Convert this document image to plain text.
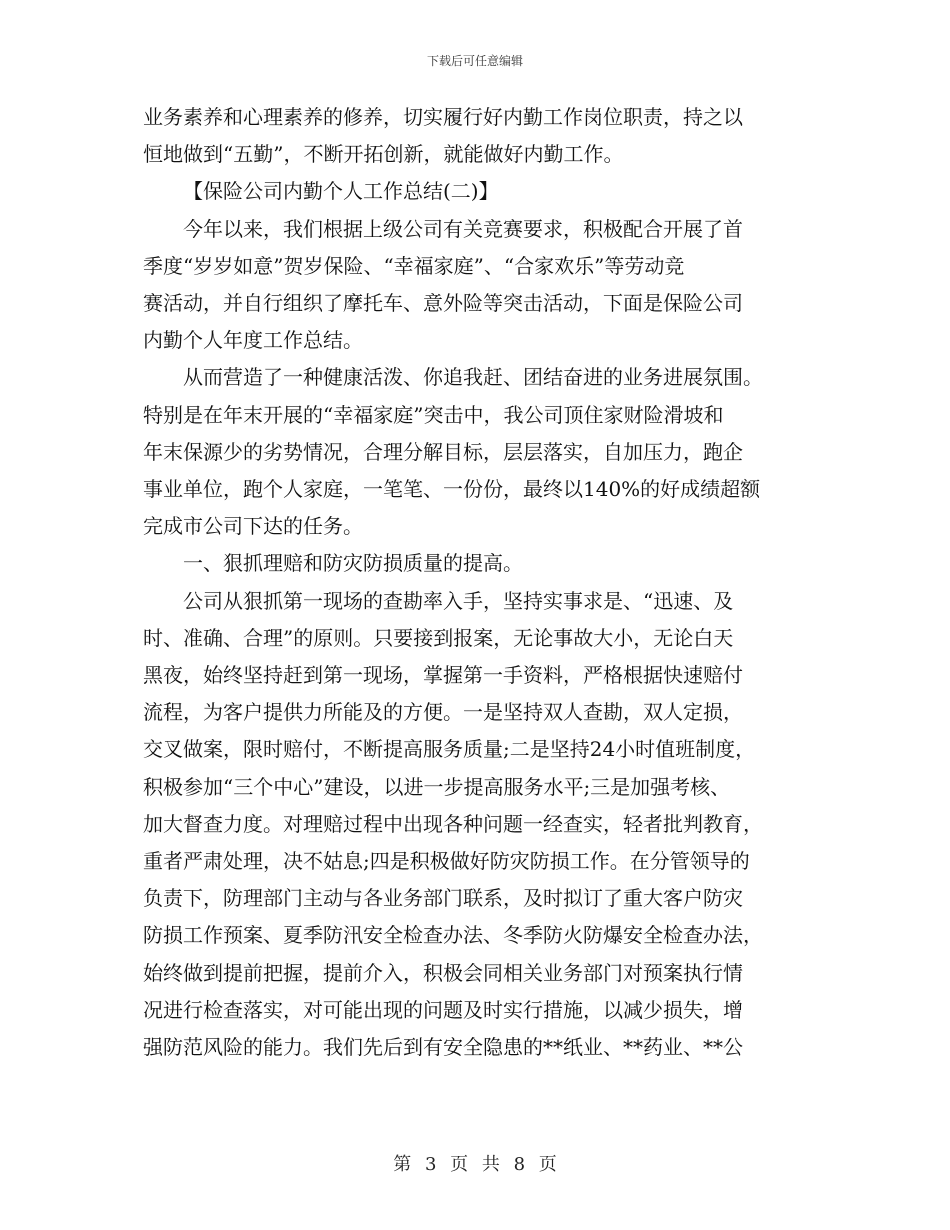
下载后可任意编辑

业务素养和心理素养的修养，切实履行好内勤工作岗位职责，持之以
恒地做到“五勤”，不断开拓创新，就能做好内勤工作。

【保险公司内勤个人工作总结(二)】

今年以来，我们根据上级公司有关竞赛要求，积极配合开展了首
季度“岁岁如意”贺岁保险、“幸福家庭”、“合家欢乐”等劳动竞
赛活动，并自行组织了摩托车、意外险等突击活动，下面是保险公司
内勤个人年度工作总结。

从而营造了一种健康活泼、你追我赶、团结奋进的业务进展氛围。
特别是在年末开展的“幸福家庭”突击中，我公司顶住家财险滑坡和
年末保源少的劣势情况，合理分解目标，层层落实，自加压力，跑企
事业单位，跑个人家庭，一笔笔、一份份，最终以140%的好成绩超额
完成市公司下达的任务。

一、狠抓理赔和防灾防损质量的提高。

公司从狠抓第一现场的查勘率入手，坚持实事求是、“迅速、及
时、准确、合理”的原则。只要接到报案，无论事故大小，无论白天
黑夜，始终坚持赶到第一现场，掌握第一手资料，严格根据快速赔付
流程，为客户提供力所能及的方便。一是坚持双人查勘，双人定损，
交叉做案，限时赔付，不断提高服务质量;二是坚持24小时值班制度，
积极参加“三个中心”建设，以进一步提高服务水平;三是加强考核、
加大督查力度。对理赔过程中出现各种问题一经查实，轻者批判教育，
重者严肃处理，决不姑息;四是积极做好防灾防损工作。在分管领导的
负责下，防理部门主动与各业务部门联系，及时拟订了重大客户防灾
防损工作预案、夏季防汛安全检查办法、冬季防火防爆安全检查办法，
始终做到提前把握，提前介入，积极会同相关业务部门对预案执行情
况进行检查落实，对可能出现的问题及时实行措施，以减少损失，增
强防范风险的能力。我们先后到有安全隐患的**纸业、**药业、**公

第 3 页 共 8 页
